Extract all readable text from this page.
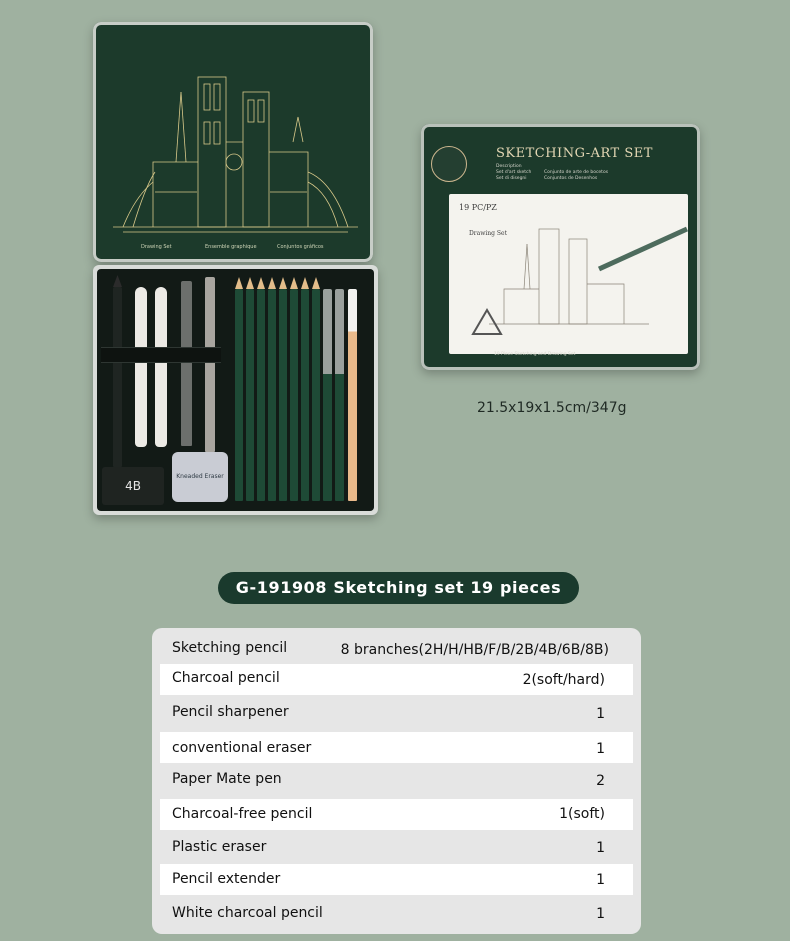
Drawing Set	Ensemble graphique	Conjuntos gráficos
4B
Kneaded Eraser
SKETCHING-ART SET
Description
Set d'art sketch
Set di disegni
Conjunto de arte de bocetos
Conjuntos de Desenhos
19 PC/PZ
Drawing Set
19 Piece Sketching and Drawing Set
21.5x19x1.5cm/347g
G-191908 Sketching set 19 pieces
Sketching pencil	8 branches(2H/H/HB/F/B/2B/4B/6B/8B)
Charcoal pencil	2(soft/hard)
Pencil sharpener	1
conventional eraser	1
Paper Mate pen	2
Charcoal-free pencil	1(soft)
Plastic eraser	1
Pencil extender	1
White charcoal pencil	1
